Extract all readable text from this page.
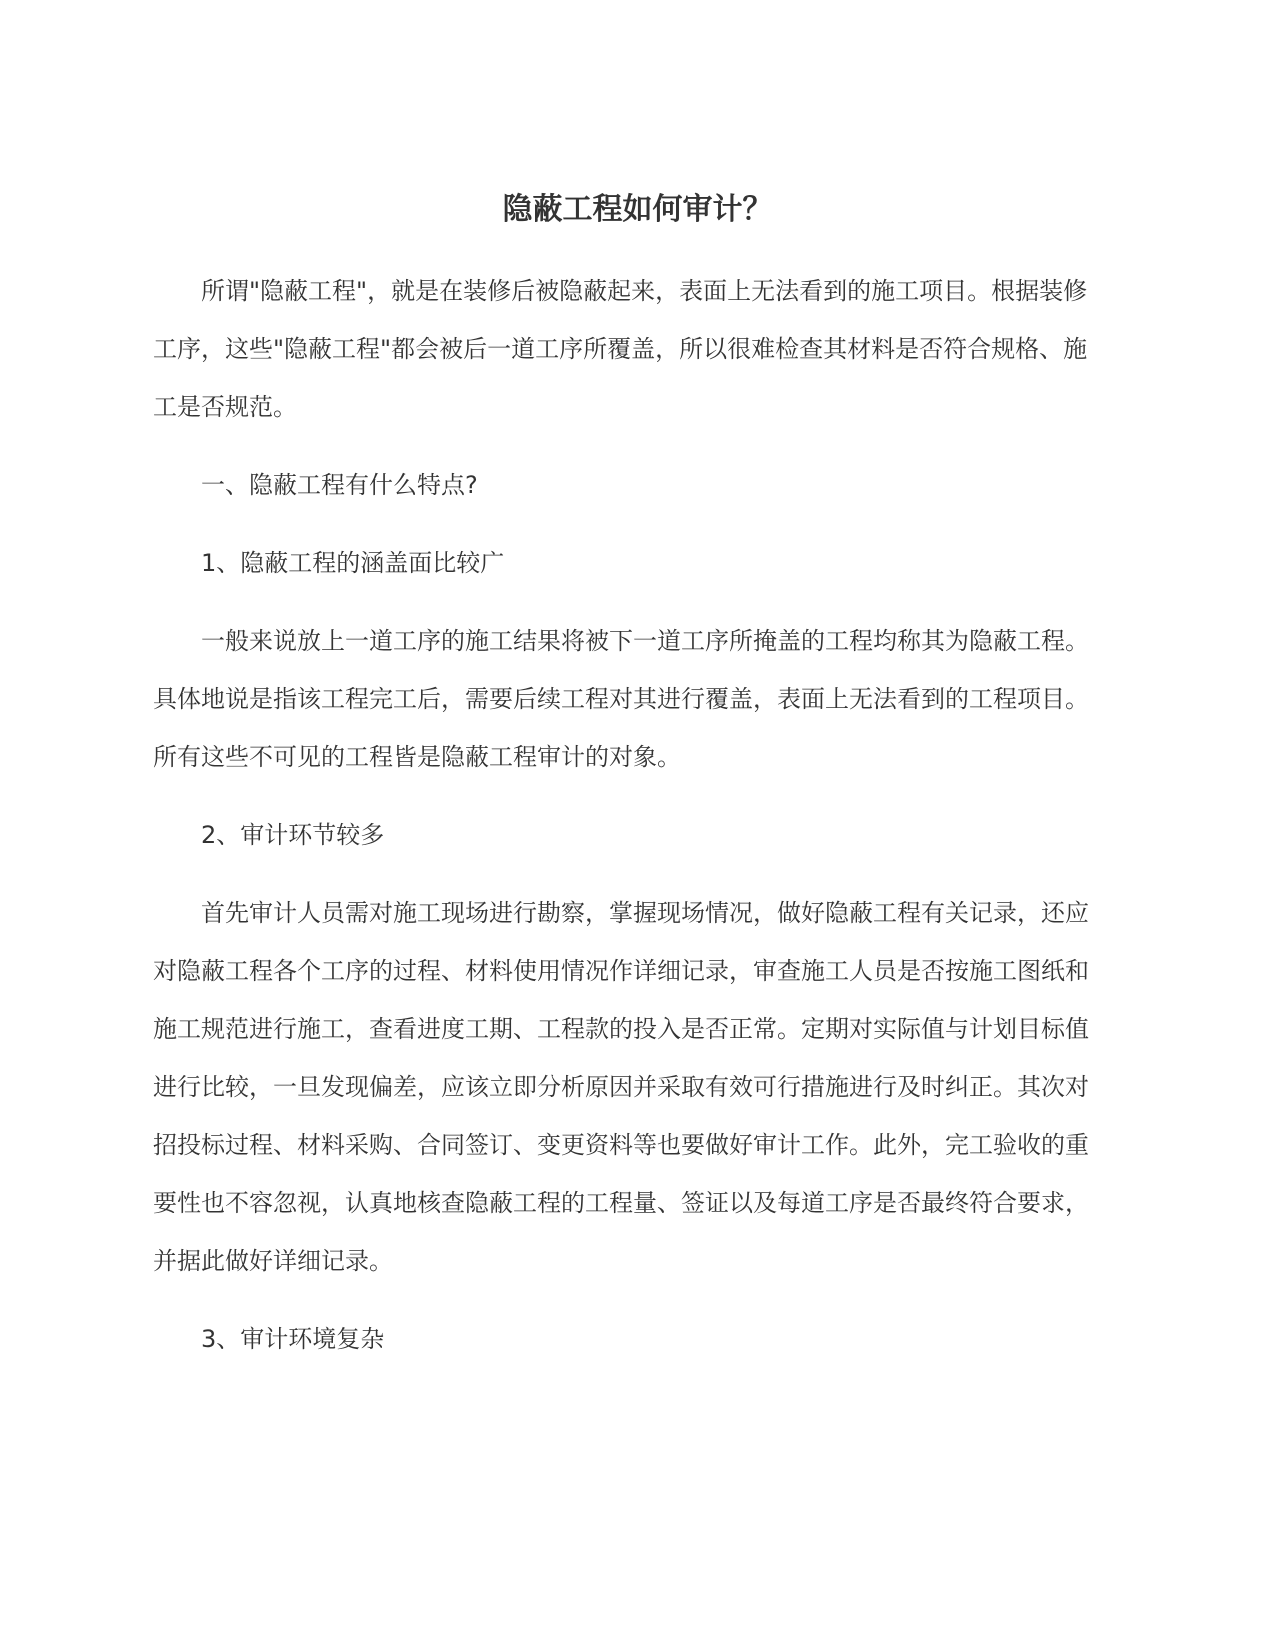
隐蔽工程如何审计？

所谓"隐蔽工程"，就是在装修后被隐蔽起来，表面上无法看到的施工项目。根据装修工序，这些"隐蔽工程"都会被后一道工序所覆盖，所以很难检查其材料是否符合规格、施工是否规范。

一、隐蔽工程有什么特点?

1、隐蔽工程的涵盖面比较广

一般来说放上一道工序的施工结果将被下一道工序所掩盖的工程均称其为隐蔽工程。具体地说是指该工程完工后，需要后续工程对其进行覆盖，表面上无法看到的工程项目。所有这些不可见的工程皆是隐蔽工程审计的对象。

2、审计环节较多

首先审计人员需对施工现场进行勘察，掌握现场情况，做好隐蔽工程有关记录，还应对隐蔽工程各个工序的过程、材料使用情况作详细记录，审查施工人员是否按施工图纸和施工规范进行施工，查看进度工期、工程款的投入是否正常。定期对实际值与计划目标值进行比较，一旦发现偏差，应该立即分析原因并采取有效可行措施进行及时纠正。其次对招投标过程、材料采购、合同签订、变更资料等也要做好审计工作。此外，完工验收的重要性也不容忽视，认真地核查隐蔽工程的工程量、签证以及每道工序是否最终符合要求，并据此做好详细记录。

3、审计环境复杂
